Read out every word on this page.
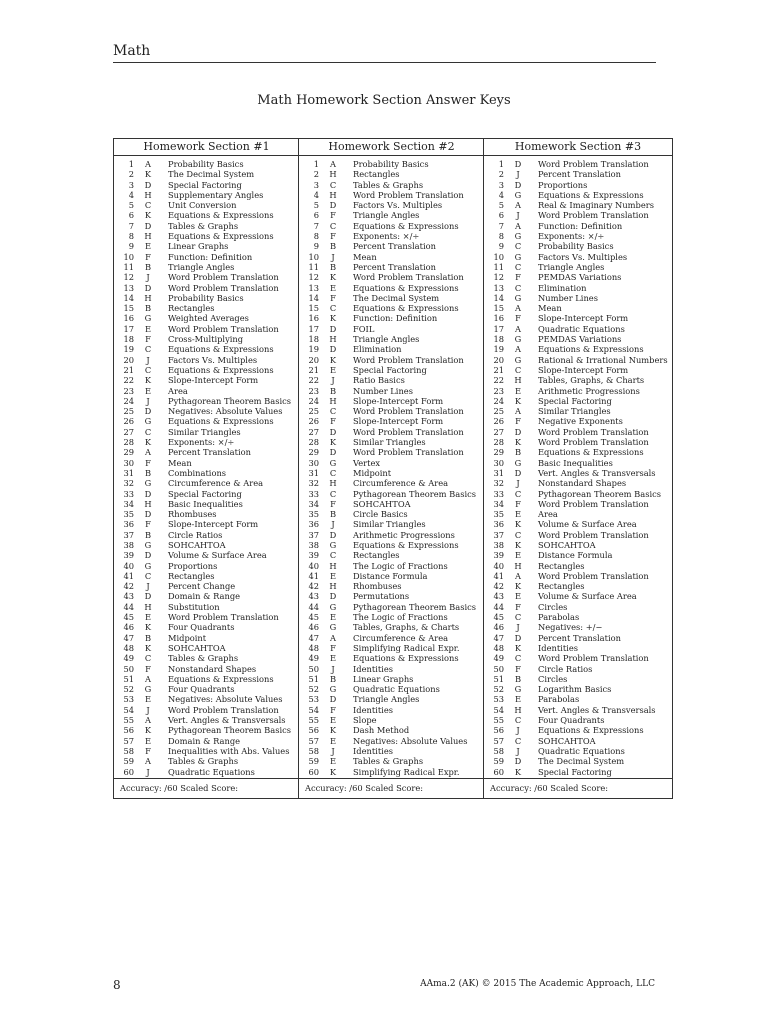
Math
Math Homework Section Answer Keys
Homework Section #1
1	A	Probability Basics
2	K	The Decimal System
3	D	Special Factoring
4 H Supplementary Angles
5	C	Unit Conversion
6	K	Equations & Expressions
7	D	Tables & Graphs
8 H Equations & Expressions
9	E	Linear Graphs
10	F	Function: Definition
11	B	Triangle Angles
12	J	Word Problem Translation
13	D	Word Problem Translation
14 H Probability Basics
15	B	Rectangles
16	G	Weighted Averages
17	E	Word Problem Translation
18	F	Cross-Multiplying
19	C	Equations & Expressions
20	J	Factors Vs. Multiples
21	C	Equations & Expressions
22	K	Slope-Intercept Form
23	E	Area
24	J	Pythagorean Theorem Basics
25	D	Negatives: Absolute Values
26	G	Equations & Expressions
27	C	Similar Triangles
28	K	Exponents: ×/÷
29	A	Percent Translation
30	F	Mean
31	B	Combinations
32	G	Circumference & Area
33	D	Special Factoring
34 H Basic Inequalities
35	D	Rhombuses
36	F	Slope-Intercept Form
37	B	Circle Ratios
38	G	SOHCAHTOA
39	D	Volume & Surface Area
40	G	Proportions
41	C	Rectangles
42	J	Percent Change
43	D	Domain & Range
44 H Substitution
45	E	Word Problem Translation
46	K	Four Quadrants
47	B	Midpoint
48	K	SOHCAHTOA
49	C	Tables & Graphs
50	F	Nonstandard Shapes
51	A	Equations & Expressions
52	G	Four Quadrants
53	E	Negatives: Absolute Values
54	J	Word Problem Translation
55	A	Vert. Angles & Transversals
56	K	Pythagorean Theorem Basics
57	E	Domain & Range
58	F	Inequalities with Abs. Values
59	A	Tables & Graphs
60	J	Quadratic Equations
Accuracy: /60 Scaled Score:
Homework Section #2
1	A	Probability Basics
2 H Rectangles
3	C	Tables & Graphs
4 H Word Problem Translation
5	D	Factors Vs. Multiples
6	F	Triangle Angles
7	C	Equations & Expressions
8	F	Exponents: ×/÷
9	B	Percent Translation
10	J	Mean
11	B	Percent Translation
12	K	Word Problem Translation
13	E	Equations & Expressions
14	F	The Decimal System
15	C	Equations & Expressions
16	K	Function: Definition
17	D	FOIL
18 H Triangle Angles
19	D	Elimination
20	K	Word Problem Translation
21	E	Special Factoring
22	J	Ratio Basics
23	B	Number Lines
24 H Slope-Intercept Form
25	C	Word Problem Translation
26	F	Slope-Intercept Form
27	D	Word Problem Translation
28	K	Similar Triangles
29	D	Word Problem Translation
30	G	Vertex
31	C	Midpoint
32 H Circumference & Area
33	C	Pythagorean Theorem Basics
34	F	SOHCAHTOA
35	B	Circle Basics
36	J	Similar Triangles
37	D	Arithmetic Progressions
38	G	Equations & Expressions
39	C	Rectangles
40 H The Logic of Fractions
41	E	Distance Formula
42 H Rhombuses
43	D	Permutations
44	G	Pythagorean Theorem Basics
45	E	The Logic of Fractions
46	G	Tables, Graphs, & Charts
47	A	Circumference & Area
48	F	Simplifying Radical Expr.
49	E	Equations & Expressions
50	J	Identities
51	B	Linear Graphs
52	G	Quadratic Equations
53	D	Triangle Angles
54	F	Identities
55	E	Slope
56	K	Dash Method
57	E	Negatives: Absolute Values
58	J	Identities
59	E	Tables & Graphs
60	K	Simplifying Radical Expr.
Accuracy: /60 Scaled Score:
Homework Section #3
1	D	Word Problem Translation
2	J	Percent Translation
3	D	Proportions
4	G	Equations & Expressions
5	A	Real & Imaginary Numbers
6	J	Word Problem Translation
7	A	Function: Definition
8	G	Exponents: ×/÷
9	C	Probability Basics
10	G	Factors Vs. Multiples
11	C	Triangle Angles
12	F	PEMDAS Variations
13	C	Elimination
14	G	Number Lines
15	A	Mean
16	F	Slope-Intercept Form
17	A	Quadratic Equations
18	G	PEMDAS Variations
19	A	Equations & Expressions
20	G	Rational & Irrational Numbers
21	C	Slope-Intercept Form
22 H Tables, Graphs, & Charts
23	E	Arithmetic Progressions
24	K	Special Factoring
25	A	Similar Triangles
26	F	Negative Exponents
27	D	Word Problem Translation
28	K	Word Problem Translation
29	B	Equations & Expressions
30	G	Basic Inequalities
31	D	Vert. Angles & Transversals
32	J	Nonstandard Shapes
33	C	Pythagorean Theorem Basics
34	F	Word Problem Translation
35	E	Area
36	K	Volume & Surface Area
37	C	Word Problem Translation
38	K	SOHCAHTOA
39	E	Distance Formula
40 H Rectangles
41	A	Word Problem Translation
42	K	Rectangles
43	E	Volume & Surface Area
44	F	Circles
45	C	Parabolas
46	J	Negatives: +/−
47	D	Percent Translation
48	K	Identities
49	C	Word Problem Translation
50	F	Circle Ratios
51	B	Circles
52	G	Logarithm Basics
53	E	Parabolas
54 H Vert. Angles & Transversals
55	C	Four Quadrants
56	J	Equations & Expressions
57	C	SOHCAHTOA
58	J	Quadratic Equations
59	D	The Decimal System
60	K	Special Factoring
Accuracy: /60 Scaled Score:
8	AAma.2 (AK) © 2015 The Academic Approach, LLC
